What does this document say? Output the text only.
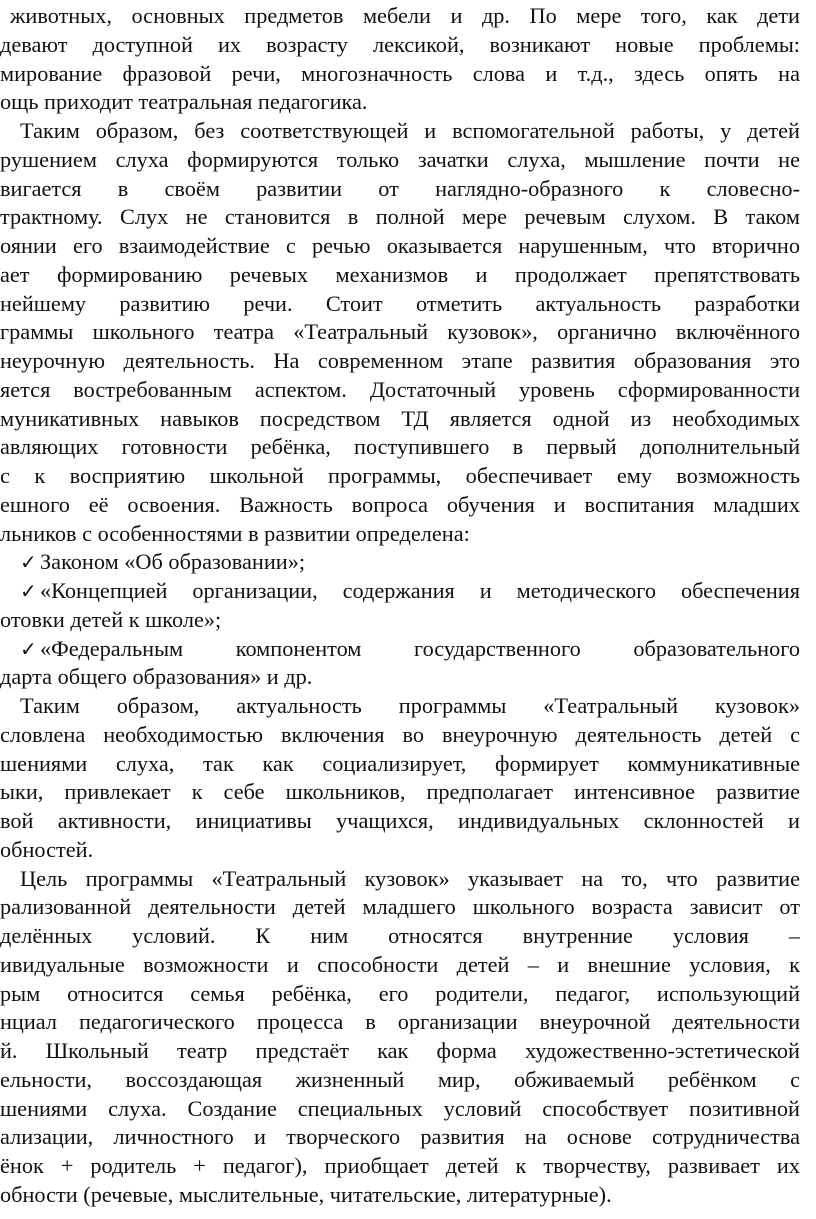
животных, основных предметов мебели и др. По мере того, как дети
девают доступной их возрасту лексикой, возникают новые проблемы:
мирование фразовой речи, многозначность слова и т.д., здесь опять на
ощь приходит театральная педагогика.
Таким образом, без соответствующей и вспомогательной работы, у детей
рушением слуха формируются только зачатки слуха, мышление почти не
вигается в своём развитии от наглядно-образного к словесно-
трактному. Слух не становится в полной мере речевым слухом. В таком
оянии его взаимодействие с речью оказывается нарушенным, что вторично
ает формированию речевых механизмов и продолжает препятствовать
нейшему развитию речи. Стоит отметить актуальность разработки
граммы школьного театра «Театральный кузовок», органично включённого
неурочную деятельность. На современном этапе развития образования это
яется востребованным аспектом. Достаточный уровень сформированности
муникативных навыков посредством ТД является одной из необходимых
авляющих готовности ребёнка, поступившего в первый дополнительный
с к восприятию школьной программы, обеспечивает ему возможность
ешного её освоения. Важность вопроса обучения и воспитания младших
льников с особенностями в развитии определена:
✓ Законом «Об образовании»;
✓ «Концепцией организации, содержания и методического обеспечения
отовки детей к школе»;
✓ «Федеральным компонентом государственного образовательного
дарта общего образования» и др.
Таким образом, актуальность программы «Театральный кузовок»
словлена необходимостью включения во внеурочную деятельность детей с
шениями слуха, так как социализирует, формирует коммуникативные
ыки, привлекает к себе школьников, предполагает интенсивное развитие
вой активности, инициативы учащихся, индивидуальных склонностей и
обностей.
Цель программы «Театральный кузовок» указывает на то, что развитие
рализованной деятельности детей младшего школьного возраста зависит от
делённых условий. К ним относятся внутренние условия –
ивидуальные возможности и способности детей – и внешние условия, к
рым относится семья ребёнка, его родители, педагог, использующий
нциал педагогического процесса в организации внеурочной деятельности
й. Школьный театр предстаёт как форма художественно-эстетической
ельности, воссоздающая жизненный мир, обживаемый ребёнком с
шениями слуха. Создание специальных условий способствует позитивной
ализации, личностного и творческого развития на основе сотрудничества
ёнок + родитель + педагог), приобщает детей к творчеству, развивает их
обности (речевые, мыслительные, читательские, литературные).
